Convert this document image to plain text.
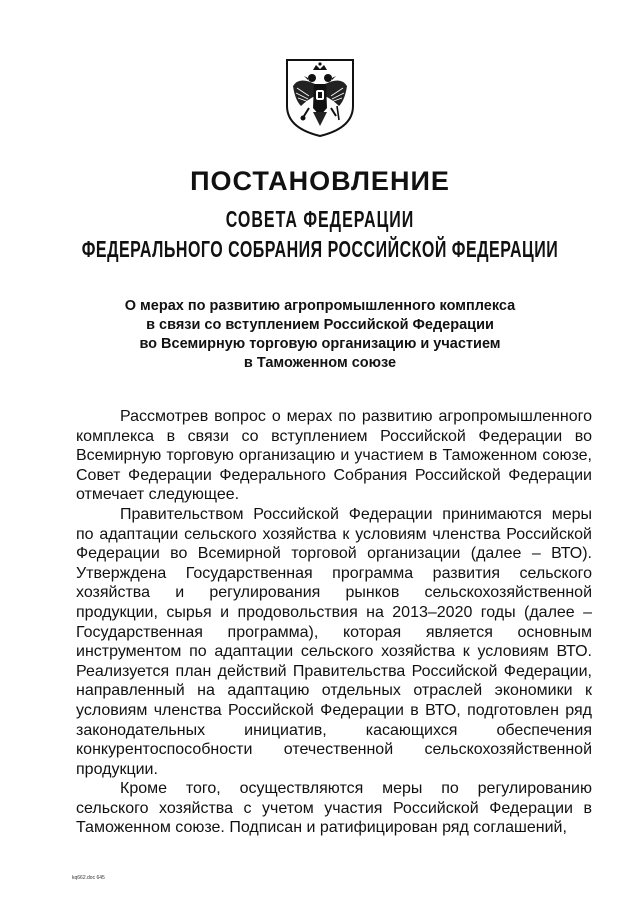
ПОСТАНОВЛЕНИЕ
СОВЕТА ФЕДЕРАЦИИ
ФЕДЕРАЛЬНОГО СОБРАНИЯ РОССИЙСКОЙ ФЕДЕРАЦИИ
О мерах по развитию агропромышленного комплекса
в связи со вступлением Российской Федерации
во Всемирную торговую организацию и участием
в Таможенном союзе

Рассмотрев вопрос о мерах по развитию агропромышленного комплекса в связи со вступлением Российской Федерации во Всемирную торговую организацию и участием в Таможенном союзе, Совет Федерации Федерального Собрания Российской Федерации отмечает следующее.

Правительством Российской Федерации принимаются меры по адаптации сельского хозяйства к условиям членства Российской Федерации во Всемирной торговой организации (далее – ВТО). Утверждена Государственная программа развития сельского хозяйства и регулирования рынков сельскохозяйственной продукции, сырья и продовольствия на 2013–2020 годы (далее – Государственная программа), которая является основным инструментом по адаптации сельского хозяйства к условиям ВТО. Реализуется план действий Правительства Российской Федерации, направленный на адаптацию отдельных отраслей экономики к условиям членства Российской Федерации в ВТО, подготовлен ряд законодательных инициатив, касающихся обеспечения конкурентоспособности отечественной сельскохозяйственной продукции.

Кроме того, осуществляются меры по регулированию сельского хозяйства с учетом участия Российской Федерации в Таможенном союзе. Подписан и ратифицирован ряд соглашений,

kq662.doc 645
